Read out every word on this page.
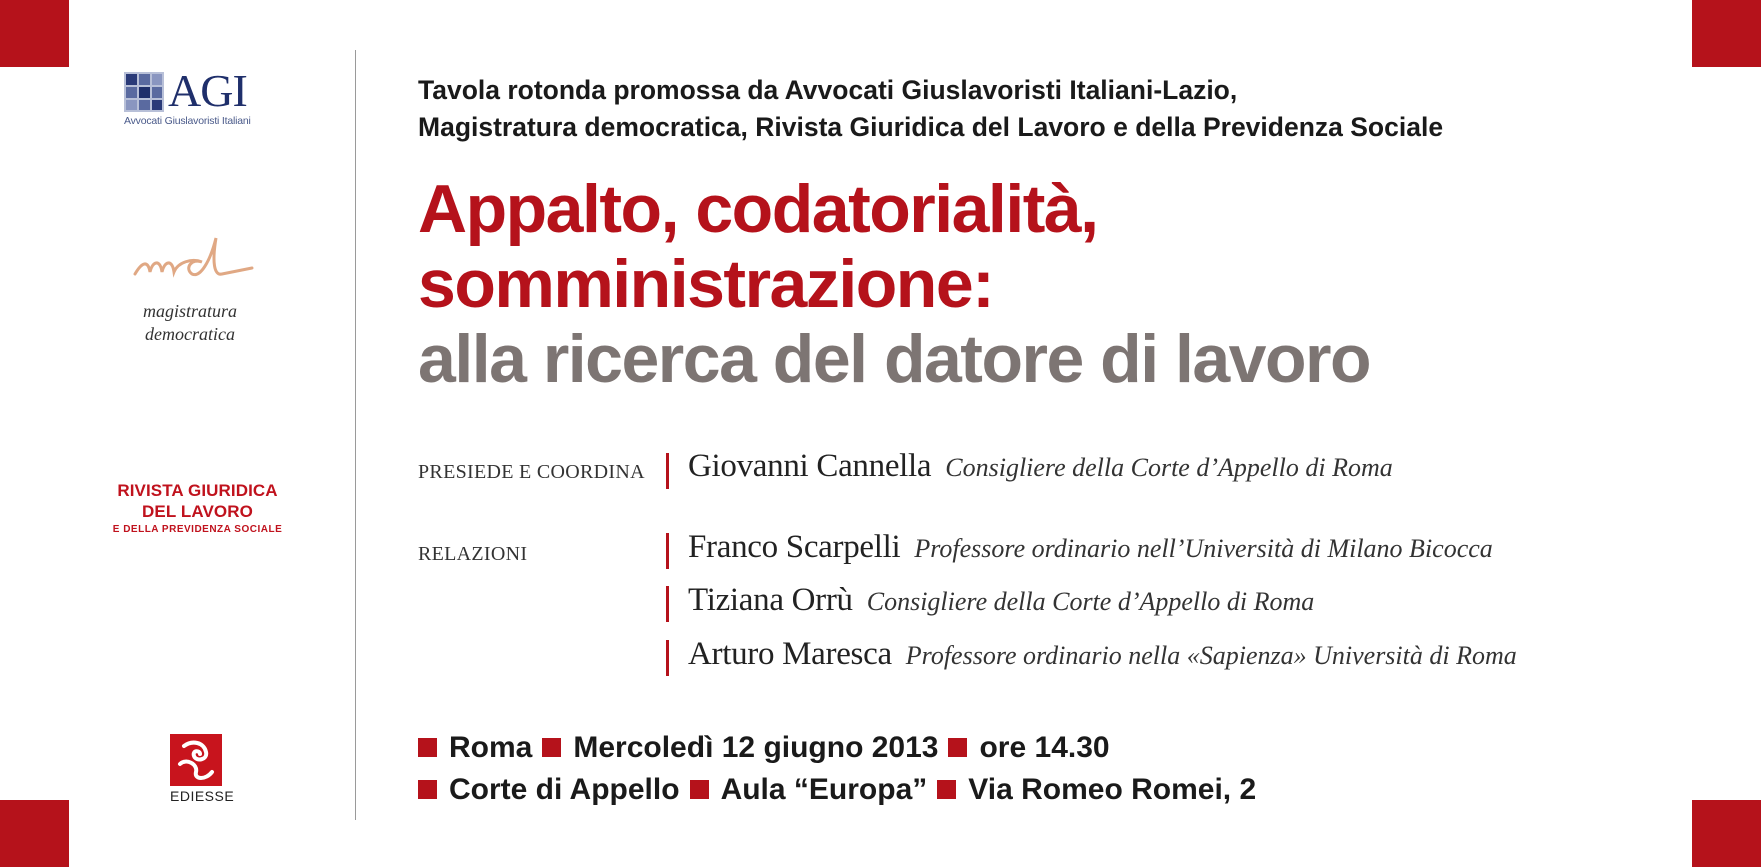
AGI
Avvocati Giuslavoristi Italiani
magistratura
democratica
RIVISTA GIURIDICA
DEL LAVORO
E DELLA PREVIDENZA SOCIALE
EDIESSE
Tavola rotonda promossa da Avvocati Giuslavoristi Italiani-Lazio,
Magistratura democratica, Rivista Giuridica del Lavoro e della Previdenza Sociale
Appalto, codatorialità,
somministrazione:
alla ricerca del datore di lavoro
PRESIEDE E COORDINA Giovanni Cannella Consigliere della Corte d’Appello di Roma
RELAZIONI	Franco Scarpelli Professore ordinario nell’Università di Milano Bicocca
Tiziana Orrù Consigliere della Corte d’Appello di Roma
Arturo Maresca Professore ordinario nella «Sapienza» Università di Roma
Roma Mercoledì 12 giugno 2013 ore 14.30
Corte di Appello Aula “Europa” Via Romeo Romei, 2
